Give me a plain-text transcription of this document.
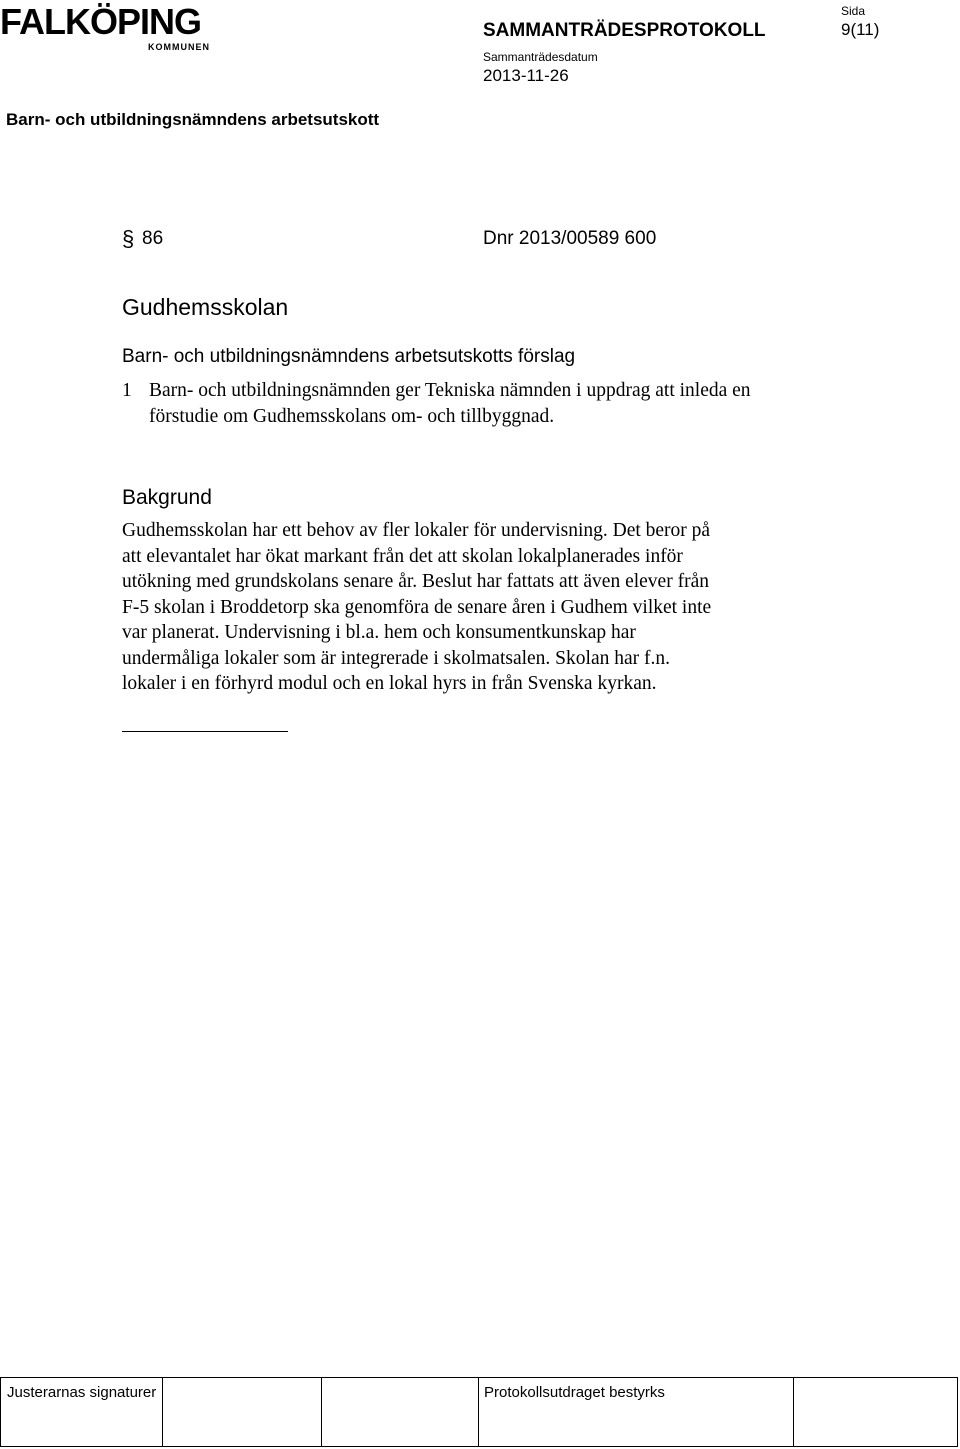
FALKÖPING
KOMMUNEN
SAMMANTRÄDESPROTOKOLL
Sammanträdesdatum
2013-11-26
Sida
9(11)
Barn- och utbildningsnämndens arbetsutskott
§ 86	Dnr 2013/00589 600
Gudhemsskolan
Barn- och utbildningsnämndens arbetsutskotts förslag
1 Barn- och utbildningsnämnden ger Tekniska nämnden i uppdrag att inleda en förstudie om Gudhemsskolans om- och tillbyggnad.
Bakgrund
Gudhemsskolan har ett behov av fler lokaler för undervisning. Det beror på
att elevantalet har ökat markant från det att skolan lokalplanerades inför
utökning med grundskolans senare år. Beslut har fattats att även elever från
F-5 skolan i Broddetorp ska genomföra de senare åren i Gudhem vilket inte
var planerat. Undervisning i bl.a. hem och konsumentkunskap har
undermåliga lokaler som är integrerade i skolmatsalen. Skolan har f.n.
lokaler i en förhyrd modul och en lokal hyrs in från Svenska kyrkan.
Justerarnas signaturer	Protokollsutdraget bestyrks
